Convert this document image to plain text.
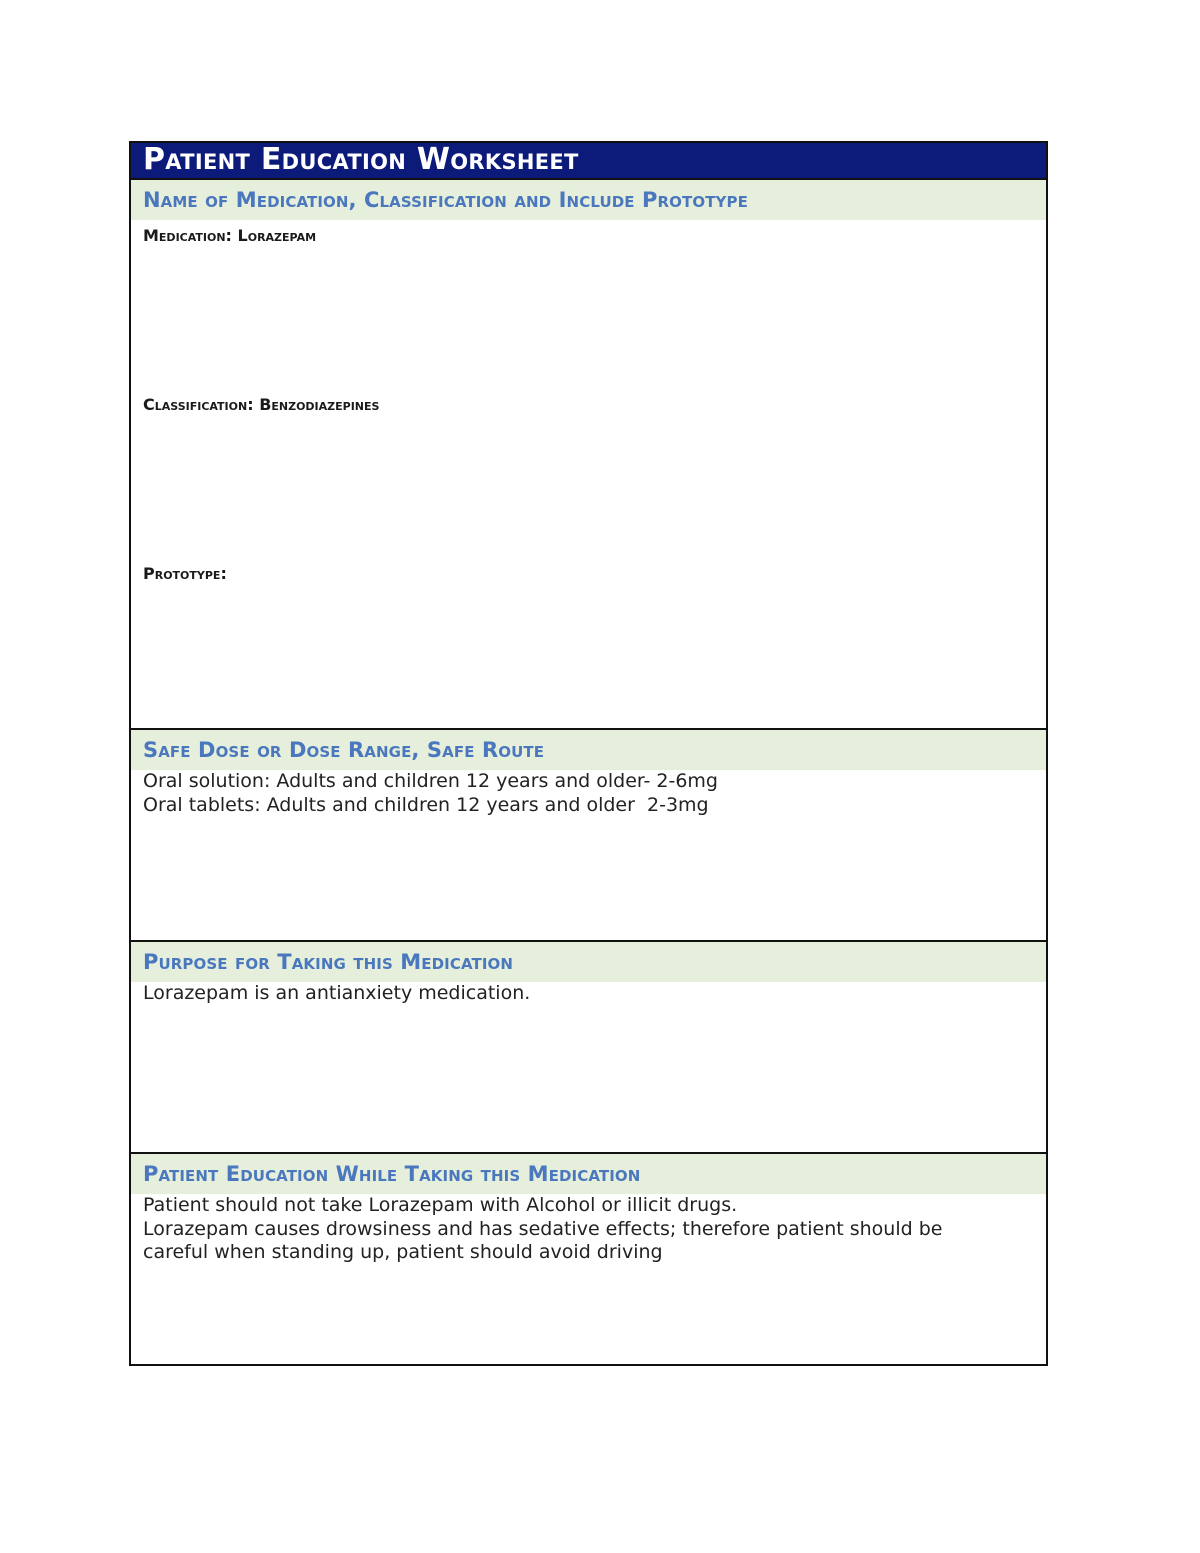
Patient Education Worksheet
Name of Medication, Classification and Include Prototype
Medication: Lorazepam
Classification: Benzodiazepines
Prototype:
Safe Dose or Dose Range, Safe Route
Oral solution: Adults and children 12 years and older- 2-6mg
Oral tablets: Adults and children 12 years and older  2-3mg
Purpose for Taking this Medication
Lorazepam is an antianxiety medication.
Patient Education While Taking this Medication
Patient should not take Lorazepam with Alcohol or illicit drugs.
Lorazepam causes drowsiness and has sedative effects; therefore patient should be
careful when standing up, patient should avoid driving
